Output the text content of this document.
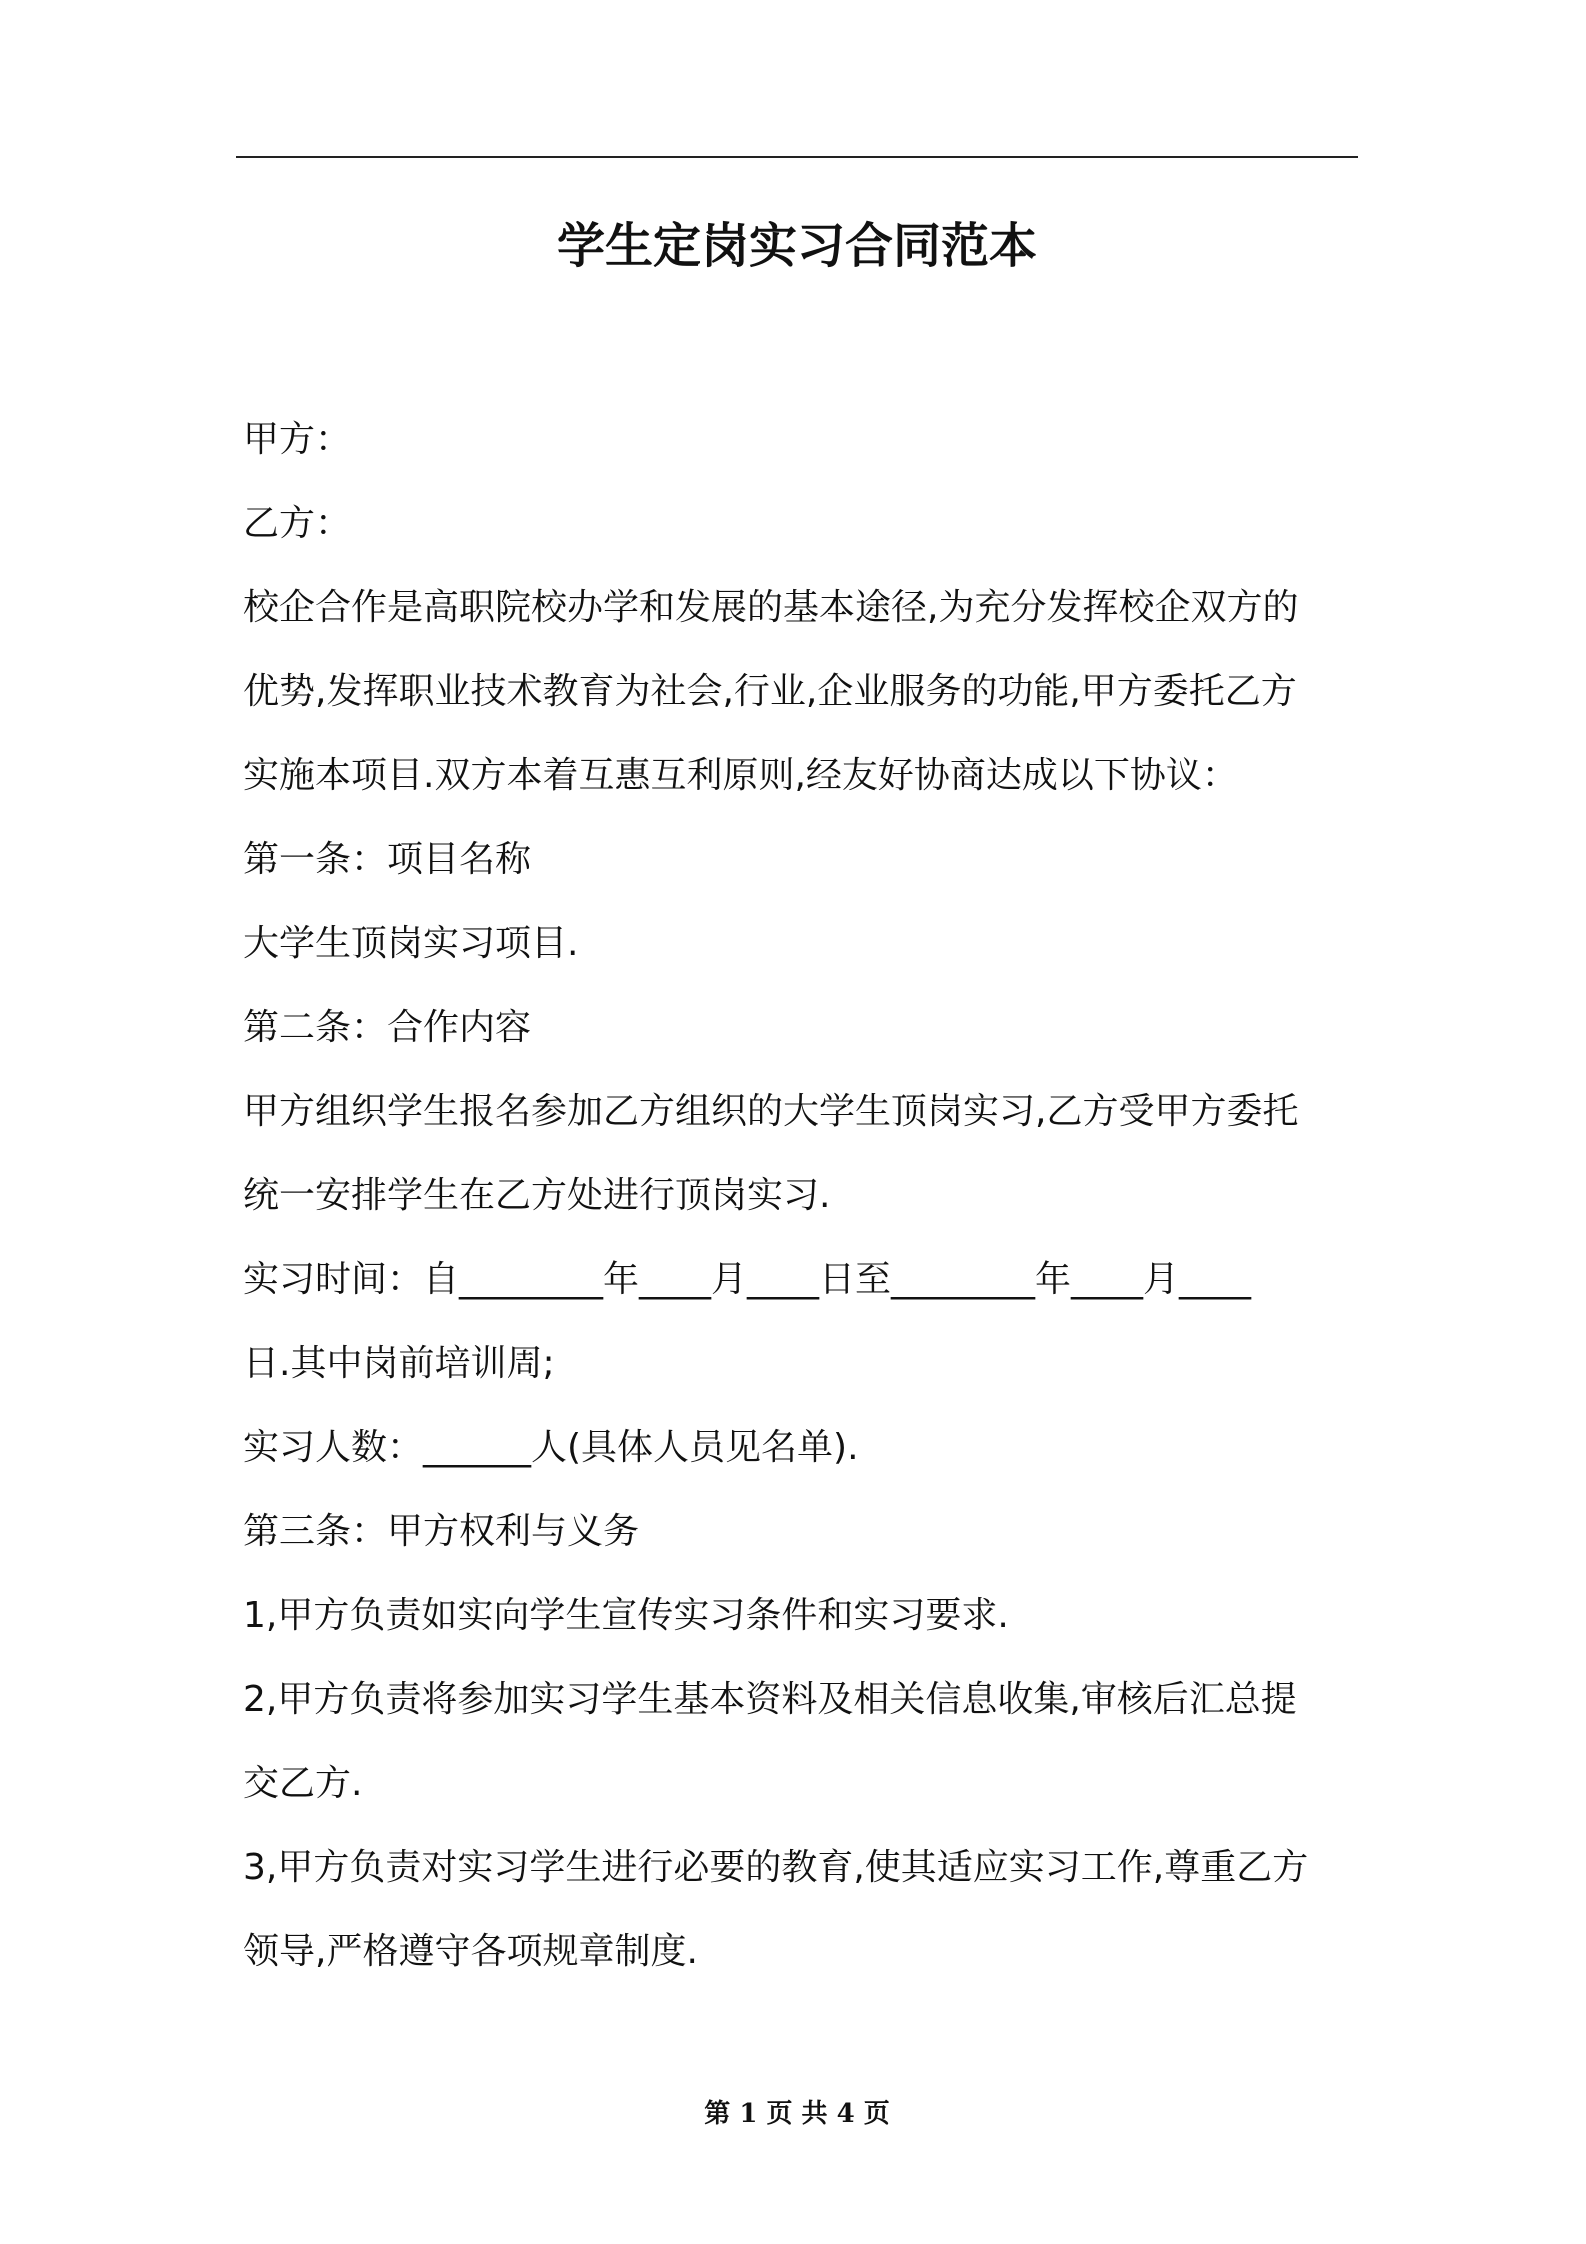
学生定岗实习合同范本
甲方：
乙方：
校企合作是高职院校办学和发展的基本途径,为充分发挥校企双方的
优势,发挥职业技术教育为社会,行业,企业服务的功能,甲方委托乙方
实施本项目.双方本着互惠互利原则,经友好协商达成以下协议：
第一条：项目名称
大学生顶岗实习项目.
第二条：合作内容
甲方组织学生报名参加乙方组织的大学生顶岗实习,乙方受甲方委托
统一安排学生在乙方处进行顶岗实习.
实习时间：自________年____月____日至________年____月____
日.其中岗前培训周;
实习人数：______人(具体人员见名单).
第三条：甲方权利与义务
1,甲方负责如实向学生宣传实习条件和实习要求.
2,甲方负责将参加实习学生基本资料及相关信息收集,审核后汇总提
交乙方.
3,甲方负责对实习学生进行必要的教育,使其适应实习工作,尊重乙方
领导,严格遵守各项规章制度.
第 1 页 共 4 页
